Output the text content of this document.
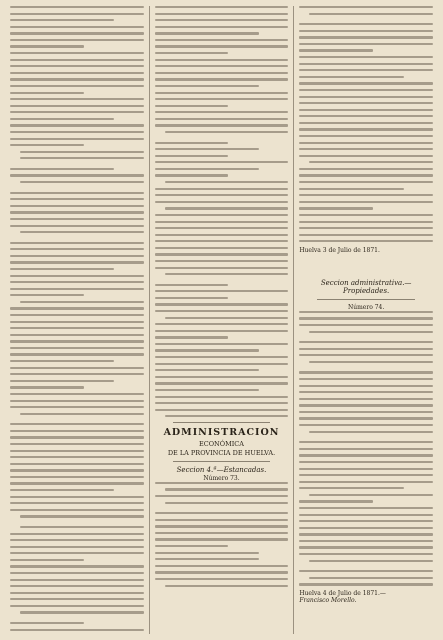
ADMINISTRACION
ECONÓMICA
DE LA PROVINCIA DE HUELVA.
Seccion 4.ª—Estancadas.
Número 73.
Huelva 3 de Julio de 1871.
Seccion administrativa.—Propiedades.
Número 74.
Huelva 4 de Julio de 1871.—
Francisco Morello.
